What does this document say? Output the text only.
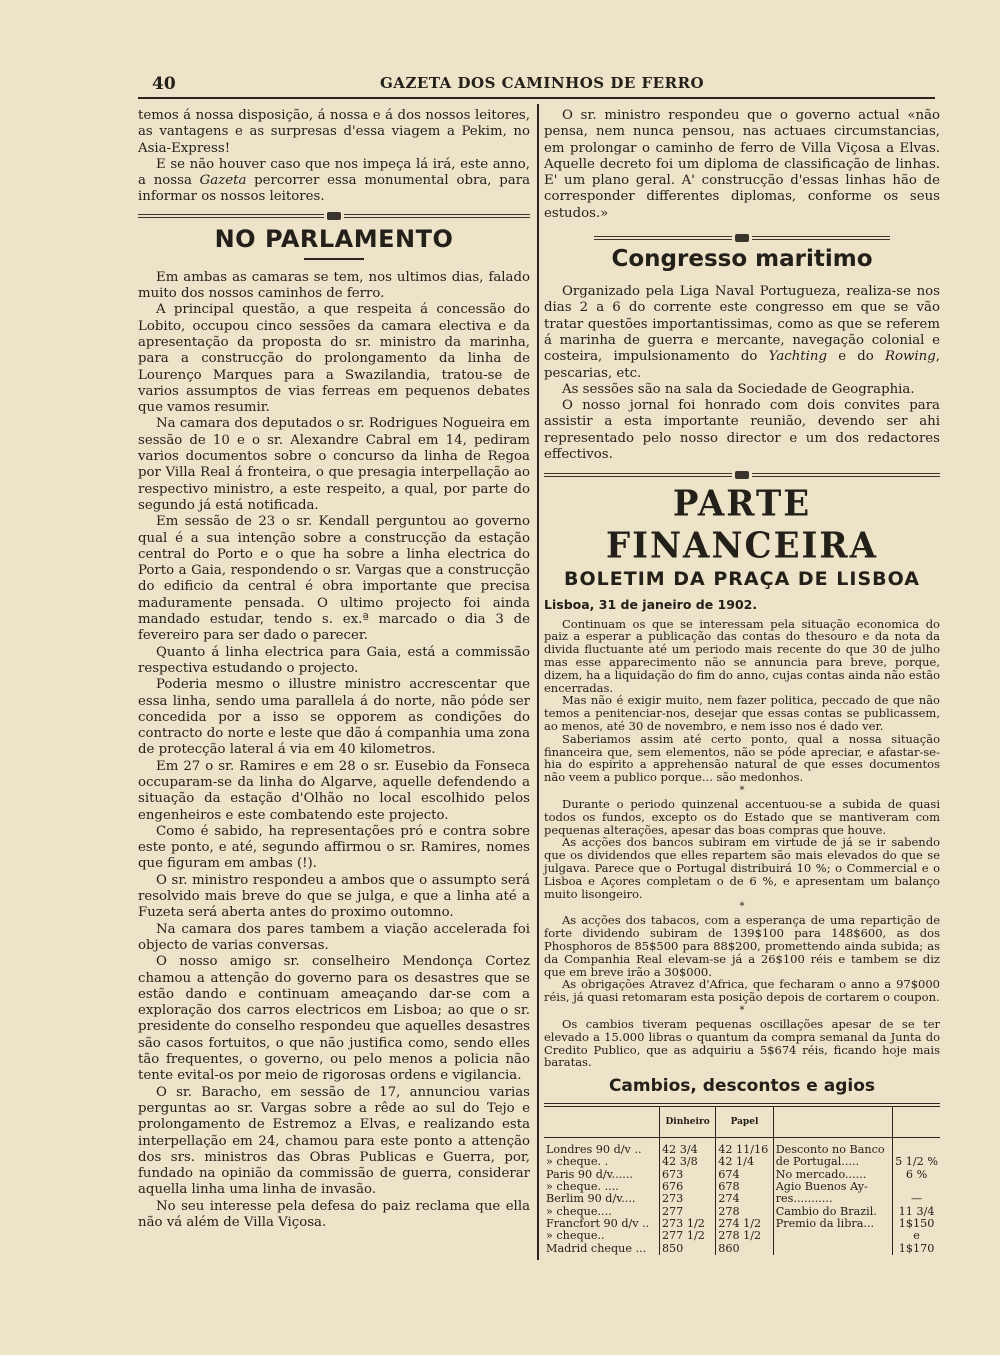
40	GAZETA DOS CAMINHOS DE FERRO

temos á nossa disposição, á nossa e á dos nossos leitores, as vantagens e as surpresas d'essa viagem a Pekim, no Asia-Express!

E se não houver caso que nos impeça lá irá, este anno, a nossa Gazeta percorrer essa monumental obra, para informar os nossos leitores.

NO PARLAMENTO

Em ambas as camaras se tem, nos ultimos dias, falado muito dos nossos caminhos de ferro.

A principal questão, a que respeita á concessão do Lobito, occupou cinco sessões da camara electiva e da apresentação da proposta do sr. ministro da marinha, para a construcção do prolongamento da linha de Lourenço Marques para a Swazilandia, tratou-se de varios assumptos de vias ferreas em pequenos debates que vamos resumir.

Na camara dos deputados o sr. Rodrigues Nogueira em sessão de 10 e o sr. Alexandre Cabral em 14, pediram varios documentos sobre o concurso da linha de Regoa por Villa Real á fronteira, o que presagia interpellação ao respectivo ministro, a este respeito, a qual, por parte do segundo já está notificada.

Em sessão de 23 o sr. Kendall perguntou ao governo qual é a sua intenção sobre a construcção da estação central do Porto e o que ha sobre a linha electrica do Porto a Gaia, respondendo o sr. Vargas que a construcção do edificio da central é obra importante que precisa maduramente pensada. O ultimo projecto foi ainda mandado estudar, tendo s. ex.ª marcado o dia 3 de fevereiro para ser dado o parecer.

Quanto á linha electrica para Gaia, está a commissão respectiva estudando o projecto.

Poderia mesmo o illustre ministro accrescentar que essa linha, sendo uma parallela á do norte, não póde ser concedida por a isso se opporem as condições do contracto do norte e leste que dão á companhia uma zona de protecção lateral á via em 40 kilometros.

Em 27 o sr. Ramires e em 28 o sr. Eusebio da Fonseca occuparam-se da linha do Algarve, aquelle defendendo a situação da estação d'Olhão no local escolhido pelos engenheiros e este combatendo este projecto.

Como é sabido, ha representações pró e contra sobre este ponto, e até, segundo affirmou o sr. Ramires, nomes que figuram em ambas (!).

O sr. ministro respondeu a ambos que o assumpto será resolvido mais breve do que se julga, e que a linha até a Fuzeta será aberta antes do proximo outomno.

Na camara dos pares tambem a viação accelerada foi objecto de varias conversas.

O nosso amigo sr. conselheiro Mendonça Cortez chamou a attenção do governo para os desastres que se estão dando e continuam ameaçando dar-se com a exploração dos carros electricos em Lisboa; ao que o sr. presidente do conselho respondeu que aquelles desastres são casos fortuitos, o que não justifica como, sendo elles tão frequentes, o governo, ou pelo menos a policia não tente evital-os por meio de rigorosas ordens e vigilancia.

O sr. Baracho, em sessão de 17, annunciou varias perguntas ao sr. Vargas sobre a rêde ao sul do Tejo e prolongamento de Estremoz a Elvas, e realizando esta interpellação em 24, chamou para este ponto a attenção dos srs. ministros das Obras Publicas e Guerra, por, fundado na opinião da commissão de guerra, considerar aquella linha uma linha de invasão.

No seu interesse pela defesa do paiz reclama que ella não vá além de Villa Viçosa.

O sr. ministro respondeu que o governo actual «não pensa, nem nunca pensou, nas actuaes circumstancias, em prolongar o caminho de ferro de Villa Viçosa a Elvas. Aquelle decreto foi um diploma de classificação de linhas. E' um plano geral. A' construcção d'essas linhas hão de corresponder differentes diplomas, conforme os seus estudos.»

Congresso maritimo

Organizado pela Liga Naval Portugueza, realiza-se nos dias 2 a 6 do corrente este congresso em que se vão tratar questões importantissimas, como as que se referem á marinha de guerra e mercante, navegação colonial e costeira, impulsionamento do Yachting e do Rowing, pescarias, etc.

As sessões são na sala da Sociedade de Geographia.

O nosso jornal foi honrado com dois convites para assistir a esta importante reunião, devendo ser ahi representado pelo nosso director e um dos redactores effectivos.

PARTE FINANCEIRA
BOLETIM DA PRAÇA DE LISBOA
Lisboa, 31 de janeiro de 1902.

Continuam os que se interessam pela situação economica do paiz a esperar a publicação das contas do thesouro e da nota da divida fluctuante até um periodo mais recente do que 30 de julho mas esse apparecimento não se annuncia para breve, porque, dizem, ha a liquidação do fim do anno, cujas contas ainda não estão encerradas.

Mas não é exigir muito, nem fazer politica, peccado de que não temos a penitenciar-nos, desejar que essas contas se publicassem, ao menos, até 30 de novembro, e nem isso nos é dado ver.

Saberiamos assim até certo ponto, qual a nossa situação financeira que, sem elementos, não se póde apreciar, e afastar-se-hia do espirito a apprehensão natural de que esses documentos não veem a publico porque... são medonhos.

*

Durante o periodo quinzenal accentuou-se a subida de quasi todos os fundos, excepto os do Estado que se mantiveram com pequenas alterações, apesar das boas compras que houve.

As acções dos bancos subiram em virtude de já se ir sabendo que os dividendos que elles repartem são mais elevados do que se julgava. Parece que o Portugal distribuirá 10 %; o Commercial e o Lisboa e Açores completam o de 6 %, e apresentam um balanço muito lisongeiro.

*

As acções dos tabacos, com a esperança de uma repartição de forte dividendo subiram de 139$100 para 148$600, as dos Phosphoros de 85$500 para 88$200, promettendo ainda subida; as da Companhia Real elevam-se já a 26$100 réis e tambem se diz que em breve irão a 30$000.

As obrigações Atravez d'Africa, que fecharam o anno a 97$000 réis, já quasi retomaram esta posição depois de cortarem o coupon.

*

Os cambios tiveram pequenas oscillações apesar de se ter elevado a 15.000 libras o quantum da compra semanal da Junta do Credito Publico, que as adquiriu a 5$674 réis, ficando hoje mais baratas.

Cambios, descontos e agios
	Dinheiro	Papel		
Londres 90 d/v ..	42 3/4	42 11/16	Desconto no Banco	
» cheque. .	42 3/8	42 1/4	de Portugal.....	5 1/2 %
Paris 90 d/v......	673	674	No mercado......	6 %
» cheque. ....	676	678	Agio Buenos Ay-	
Berlim 90 d/v....	273	274	res...........	—
» cheque....	277	278	Cambio do Brazil.	11 3/4
Francfort 90 d/v ..	273 1/2	274 1/2	Premio da libra...	1$150
» cheque..	277 1/2	278 1/2		e
Madrid cheque ...	850	860		1$170
